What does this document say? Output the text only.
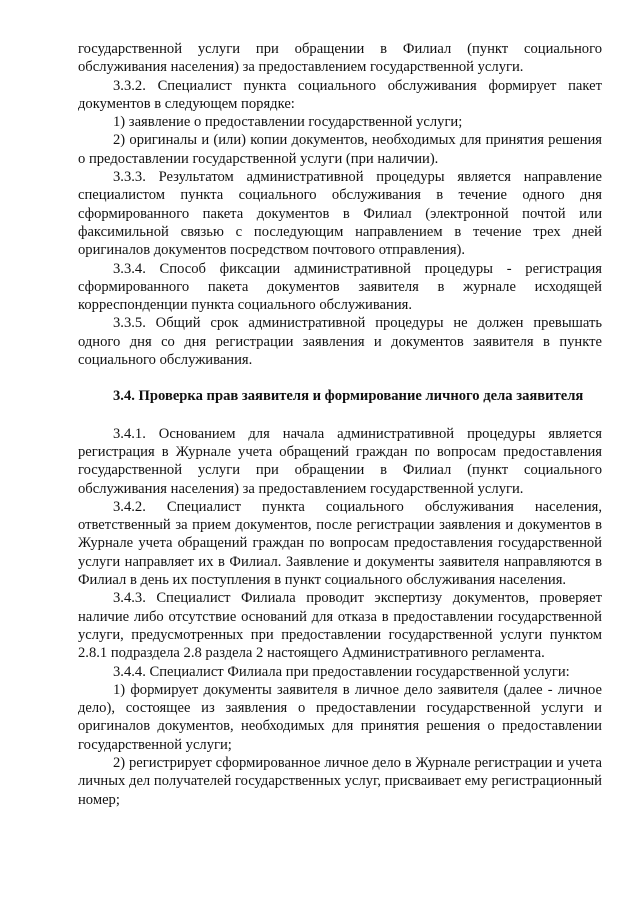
государственной услуги при обращении в Филиал (пункт социального обслуживания населения) за предоставлением государственной услуги.

3.3.2. Специалист пункта социального обслуживания формирует пакет документов в следующем порядке:

1) заявление о предоставлении государственной услуги;

2) оригиналы и (или) копии документов, необходимых для принятия решения о предоставлении государственной услуги (при наличии).

3.3.3. Результатом административной процедуры является направление специалистом пункта социального обслуживания в течение одного дня сформированного пакета документов в Филиал (электронной почтой или факсимильной связью с последующим направлением в течение трех дней оригиналов документов посредством почтового отправления).

3.3.4. Способ фиксации административной процедуры - регистрация сформированного пакета документов заявителя в журнале исходящей корреспонденции пункта социального обслуживания.

3.3.5. Общий срок административной процедуры не должен превышать одного дня со дня регистрации заявления и документов заявителя в пункте социального обслуживания.

3.4. Проверка прав заявителя и формирование личного дела заявителя

3.4.1. Основанием для начала административной процедуры является регистрация в Журнале учета обращений граждан по вопросам предоставления государственной услуги при обращении в Филиал (пункт социального обслуживания населения) за предоставлением государственной услуги.

3.4.2. Специалист пункта социального обслуживания населения, ответственный за прием документов, после регистрации заявления и документов в Журнале учета обращений граждан по вопросам предоставления государственной услуги направляет их в Филиал. Заявление и документы заявителя направляются в Филиал в день их поступления в пункт социального обслуживания населения.

3.4.3. Специалист Филиала проводит экспертизу документов, проверяет наличие либо отсутствие оснований для отказа в предоставлении государственной услуги, предусмотренных при предоставлении государственной услуги пунктом 2.8.1 подраздела 2.8 раздела 2 настоящего Административного регламента.

3.4.4. Специалист Филиала при предоставлении государственной услуги:

1) формирует документы заявителя в личное дело заявителя (далее - личное дело), состоящее из заявления о предоставлении государственной услуги и оригиналов документов, необходимых для принятия решения о предоставлении государственной услуги;

2) регистрирует сформированное личное дело в Журнале регистрации и учета личных дел получателей государственных услуг, присваивает ему регистрационный номер;
